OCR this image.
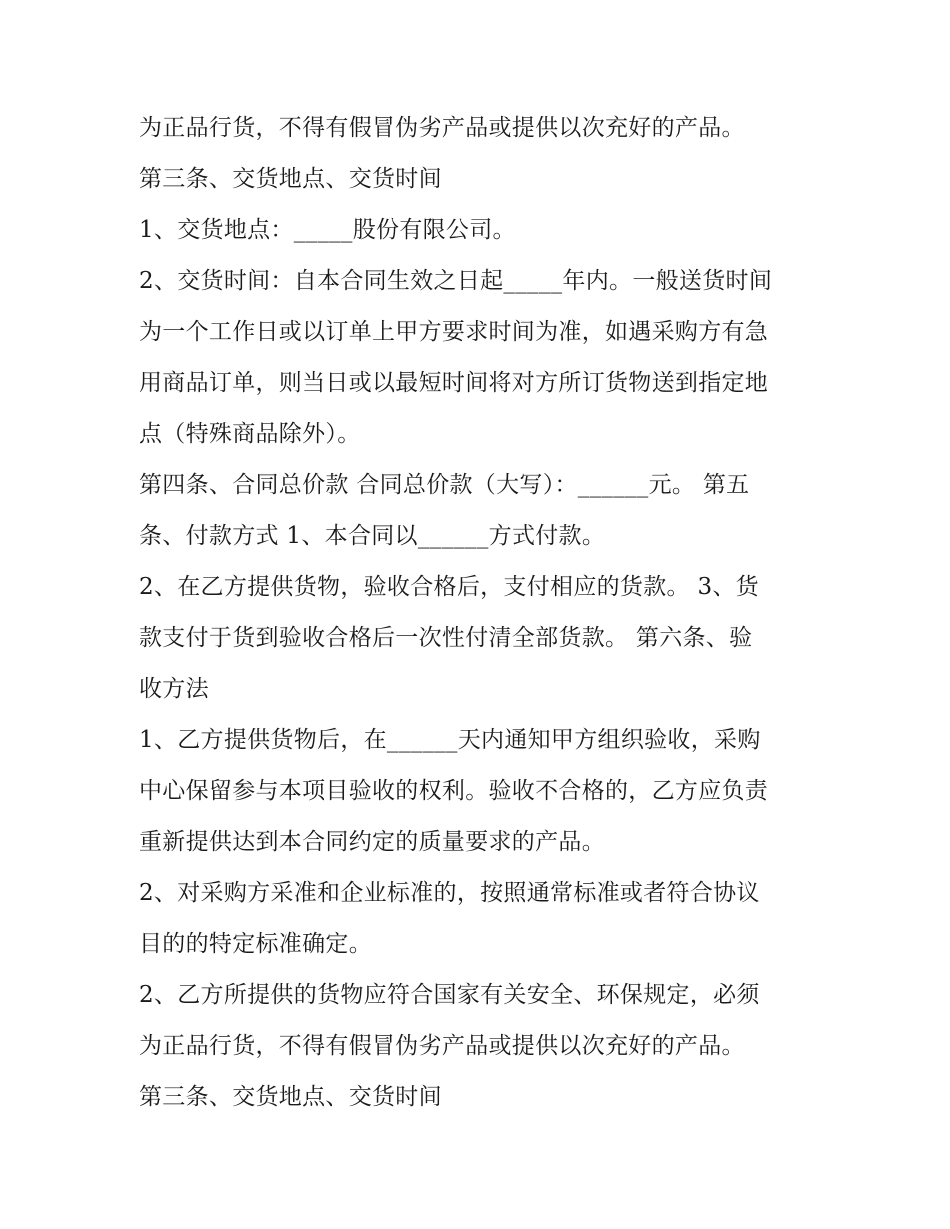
为正品行货，不得有假冒伪劣产品或提供以次充好的产品。
第三条、交货地点、交货时间
1、交货地点：_____股份有限公司。
2、交货时间：自本合同生效之日起_____年内。一般送货时间
为一个工作日或以订单上甲方要求时间为准，如遇采购方有急
用商品订单，则当日或以最短时间将对方所订货物送到指定地
点（特殊商品除外）。
第四条、合同总价款 合同总价款（大写）：______元。 第五
条、付款方式 1、本合同以______方式付款。
2、在乙方提供货物，验收合格后，支付相应的货款。 3、货
款支付于货到验收合格后一次性付清全部货款。 第六条、验
收方法
1、乙方提供货物后，在______天内通知甲方组织验收，采购
中心保留参与本项目验收的权利。验收不合格的，乙方应负责
重新提供达到本合同约定的质量要求的产品。
2、对采购方采准和企业标准的，按照通常标准或者符合协议
目的的特定标准确定。
2、乙方所提供的货物应符合国家有关安全、环保规定，必须
为正品行货，不得有假冒伪劣产品或提供以次充好的产品。
第三条、交货地点、交货时间
